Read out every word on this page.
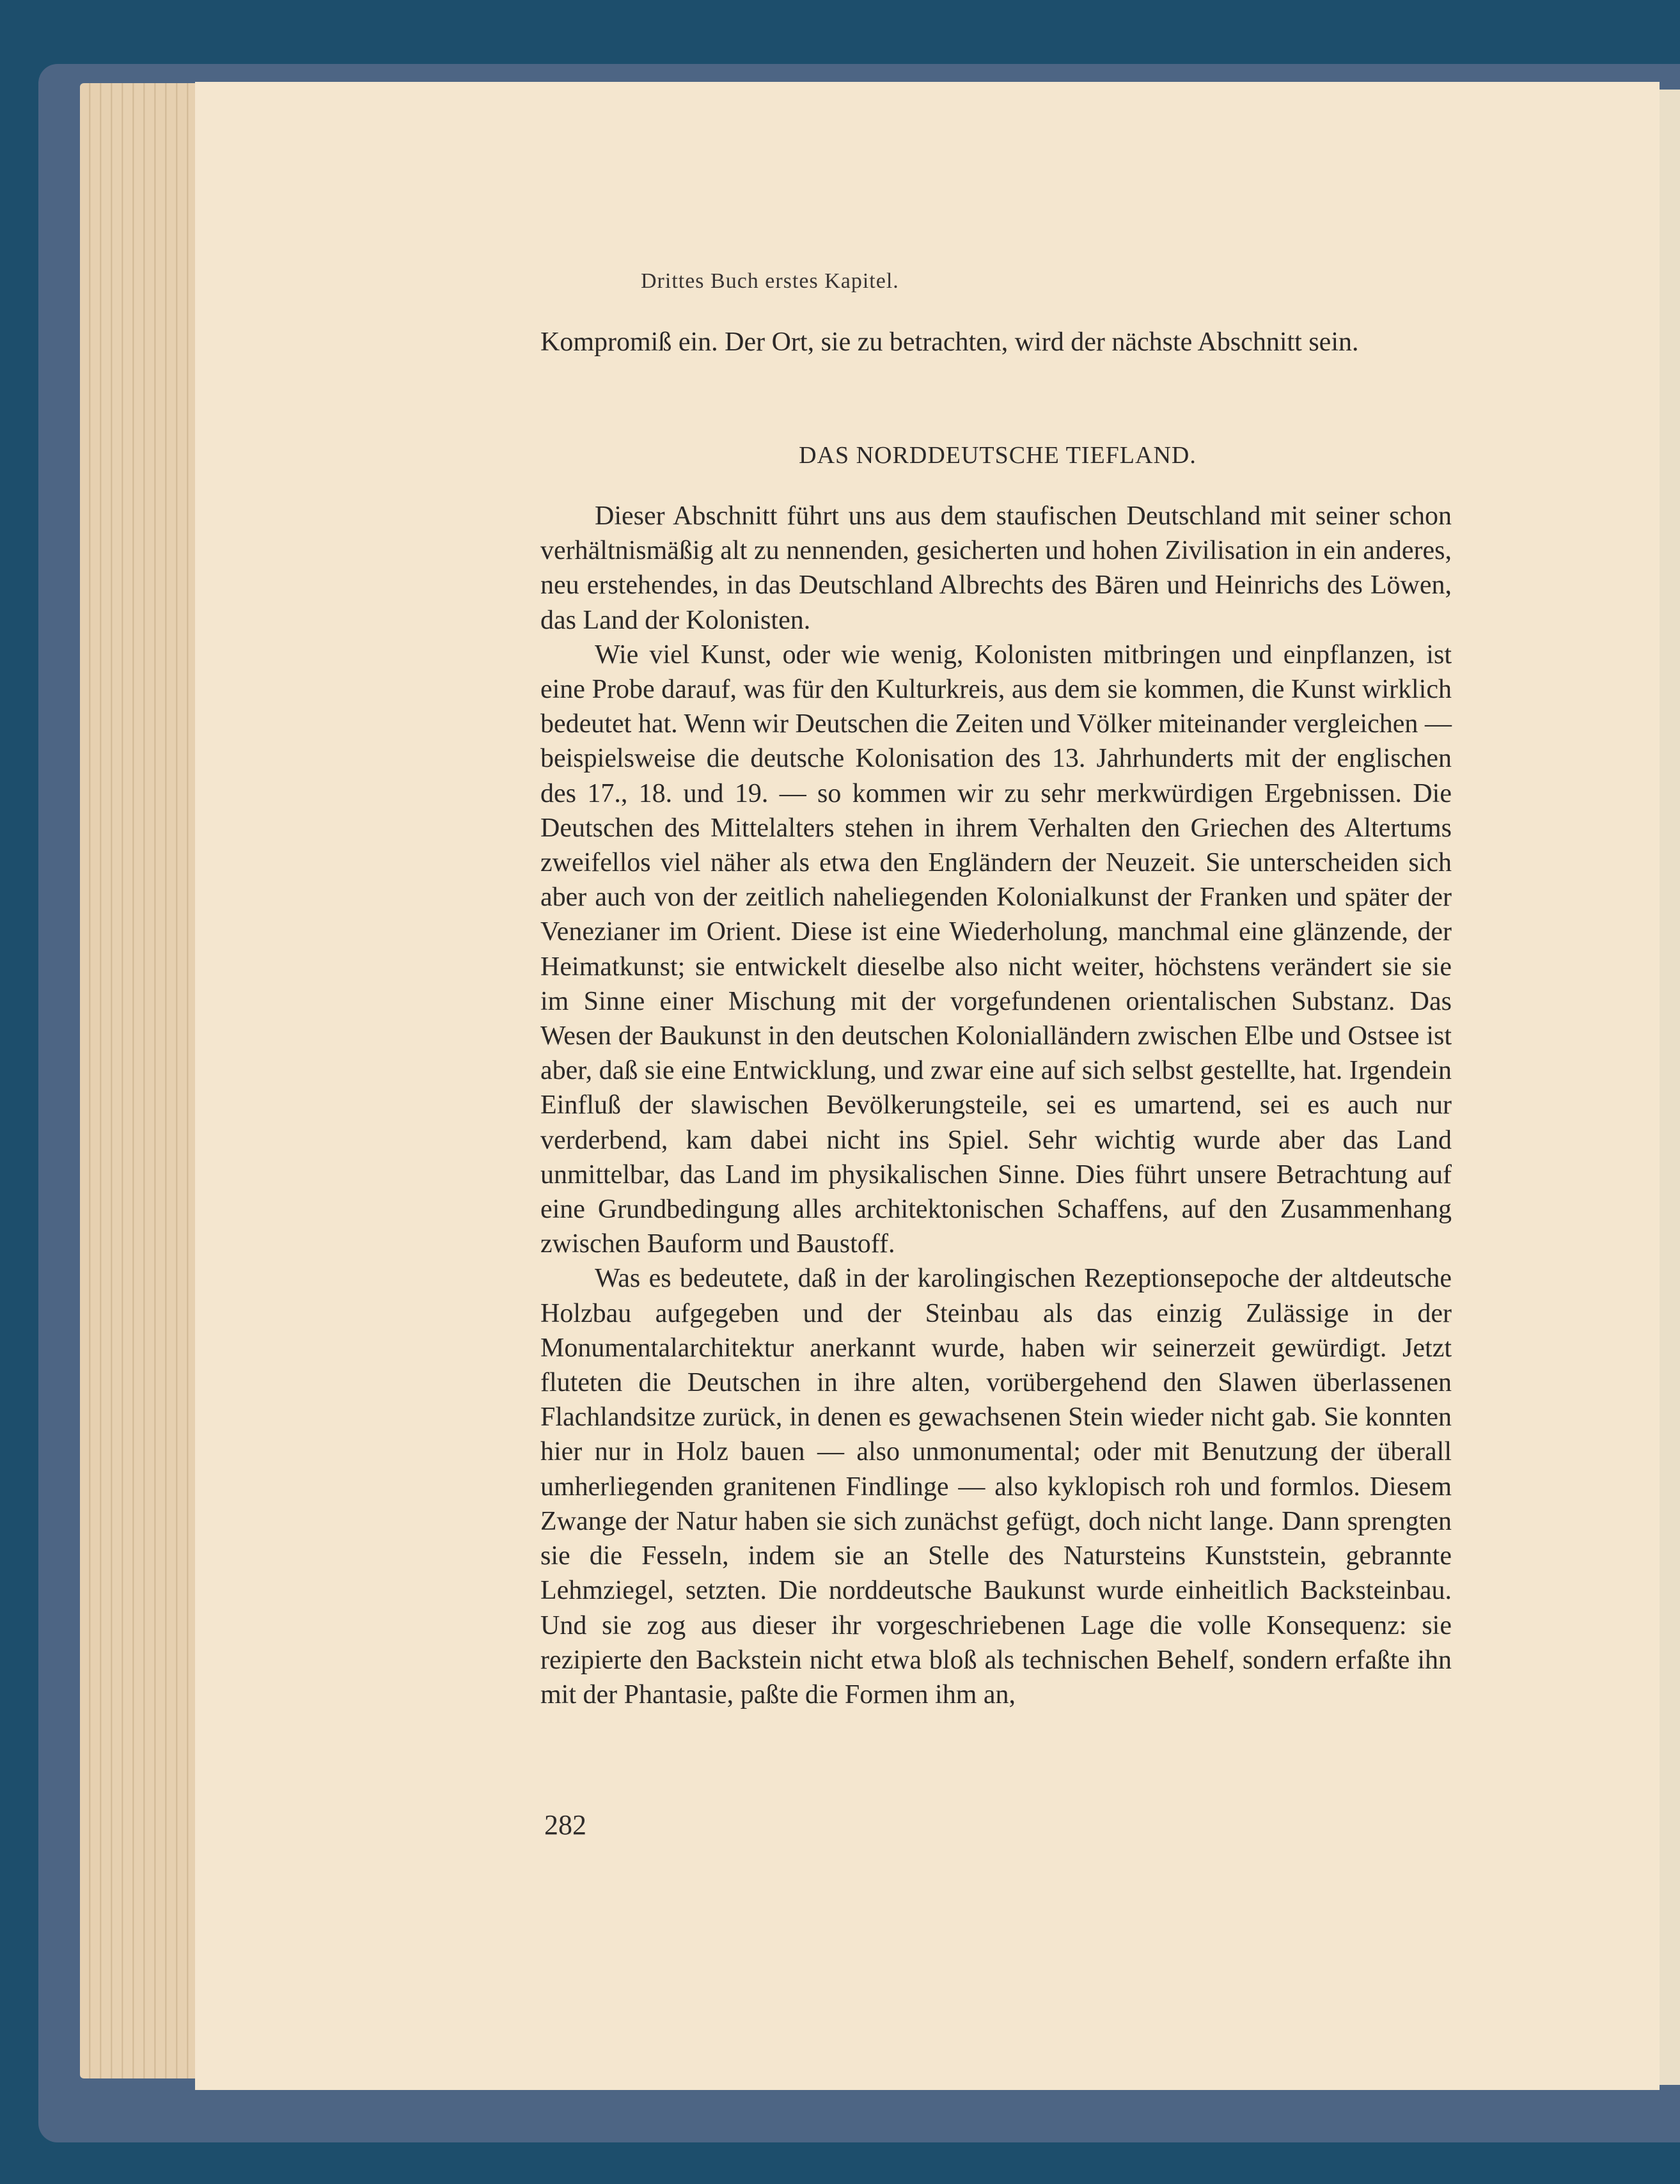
Drittes Buch erstes Kapitel.

Kompromiß ein. Der Ort, sie zu betrachten, wird der nächste Abschnitt sein.

DAS NORDDEUTSCHE TIEFLAND.

Dieser Abschnitt führt uns aus dem staufischen Deutschland mit seiner schon verhältnismäßig alt zu nennenden, gesicherten und hohen Zivilisation in ein anderes, neu erstehendes, in das Deutschland Albrechts des Bären und Heinrichs des Löwen, das Land der Kolonisten.

Wie viel Kunst, oder wie wenig, Kolonisten mitbringen und einpflanzen, ist eine Probe darauf, was für den Kulturkreis, aus dem sie kommen, die Kunst wirklich bedeutet hat. Wenn wir Deutschen die Zeiten und Völker miteinander vergleichen — beispielsweise die deutsche Kolonisation des 13. Jahrhunderts mit der englischen des 17., 18. und 19. — so kommen wir zu sehr merkwürdigen Ergebnissen. Die Deutschen des Mittelalters stehen in ihrem Verhalten den Griechen des Altertums zweifellos viel näher als etwa den Engländern der Neuzeit. Sie unterscheiden sich aber auch von der zeitlich naheliegenden Kolonialkunst der Franken und später der Venezianer im Orient. Diese ist eine Wiederholung, manchmal eine glänzende, der Heimatkunst; sie entwickelt dieselbe also nicht weiter, höchstens verändert sie sie im Sinne einer Mischung mit der vorgefundenen orientalischen Substanz. Das Wesen der Baukunst in den deutschen Kolonialländern zwischen Elbe und Ostsee ist aber, daß sie eine Entwicklung, und zwar eine auf sich selbst gestellte, hat. Irgendein Einfluß der slawischen Bevölkerungsteile, sei es umartend, sei es auch nur verderbend, kam dabei nicht ins Spiel. Sehr wichtig wurde aber das Land unmittelbar, das Land im physikalischen Sinne. Dies führt unsere Betrachtung auf eine Grundbedingung alles architektonischen Schaffens, auf den Zusammenhang zwischen Bauform und Baustoff.

Was es bedeutete, daß in der karolingischen Rezeptionsepoche der altdeutsche Holzbau aufgegeben und der Steinbau als das einzig Zulässige in der Monumentalarchitektur anerkannt wurde, haben wir seinerzeit gewürdigt. Jetzt fluteten die Deutschen in ihre alten, vorübergehend den Slawen überlassenen Flachlandsitze zurück, in denen es gewachsenen Stein wieder nicht gab. Sie konnten hier nur in Holz bauen — also unmonumental; oder mit Benutzung der überall umherliegenden granitenen Findlinge — also kyklopisch roh und formlos. Diesem Zwange der Natur haben sie sich zunächst gefügt, doch nicht lange. Dann sprengten sie die Fesseln, indem sie an Stelle des Natursteins Kunststein, gebrannte Lehmziegel, setzten. Die norddeutsche Baukunst wurde einheitlich Backsteinbau. Und sie zog aus dieser ihr vorgeschriebenen Lage die volle Konsequenz: sie rezipierte den Backstein nicht etwa bloß als technischen Behelf, sondern erfaßte ihn mit der Phantasie, paßte die Formen ihm an,

282
